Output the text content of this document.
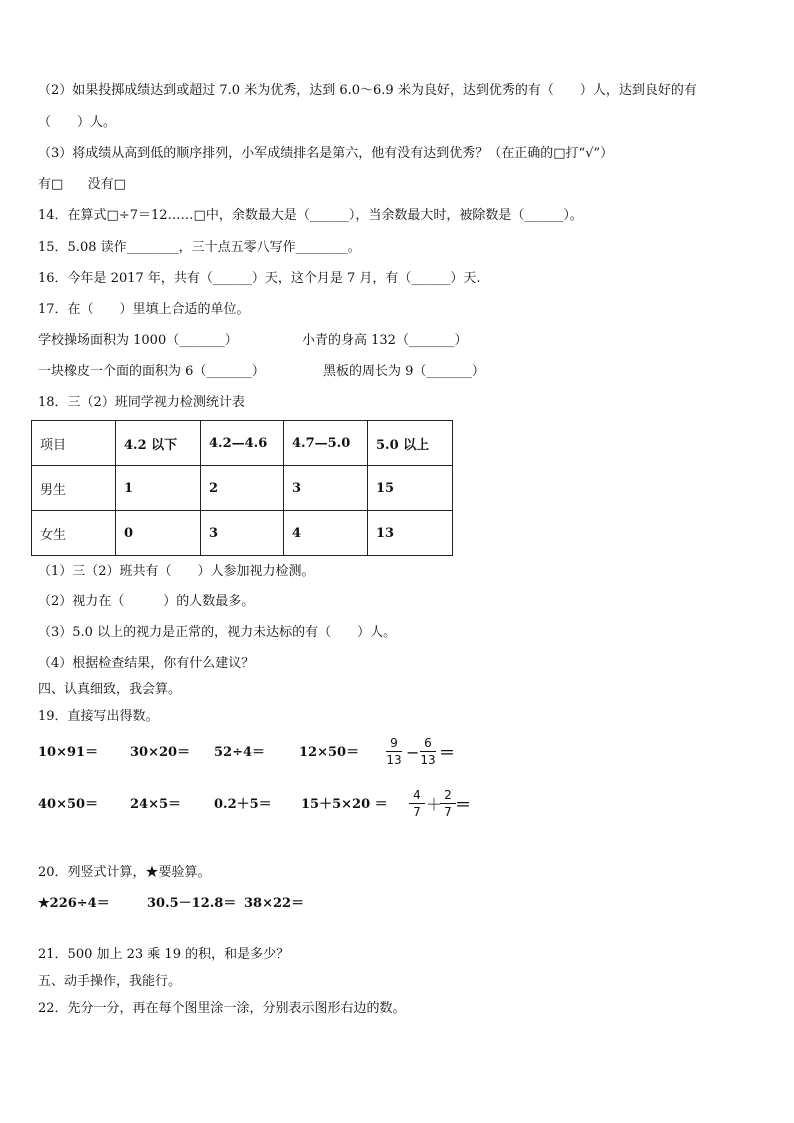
（2）如果投掷成绩达到或超过 7.0 米为优秀，达到 6.0～6.9 米为良好，达到优秀的有（　　）人，达到良好的有
（　　）人。
（3）将成绩从高到低的顺序排列，小军成绩排名是第六，他有没有达到优秀？（在正确的□打“√”）
有□ 没有□
14．在算式□÷7＝12……□中，余数最大是（______），当余数最大时，被除数是（______）。
15．5.08 读作________，三十点五零八写作________。
16．今年是 2017 年，共有（______）天，这个月是 7 月，有（______）天.
17．在（　　）里填上合适的单位。
学校操场面积为 1000（_______）	小青的身高 132（_______）
一块橡皮一个面的面积为 6（_______）	黑板的周长为 9（_______）
18．三（2）班同学视力检测统计表
项目	4.2 以下	4.2—4.6	4.7—5.0	5.0 以上
男生	1	2	3	15
女生	0	3	4	13
（1）三（2）班共有（　　）人参加视力检测。
（2）视力在（　　　）的人数最多。
（3）5.0 以上的视力是正常的，视力未达标的有（　　）人。
（4）根据检查结果，你有什么建议？
四、认真细致，我会算。
19．直接写出得数。
10×91＝ 30×20＝ 52÷4＝	12×50＝
9
13 − 6
13 ＝
40×50＝ 24×5＝	0.2＋5＝ 15＋5×20 ＝
4
7 ＋ 2
7 ＝
20．列竖式计算，★要验算。
★226÷4＝	30.5－12.8＝ 38×22＝
21．500 加上 23 乘 19 的积，和是多少？
五、动手操作，我能行。
22．先分一分，再在每个图里涂一涂，分别表示图形右边的数。
